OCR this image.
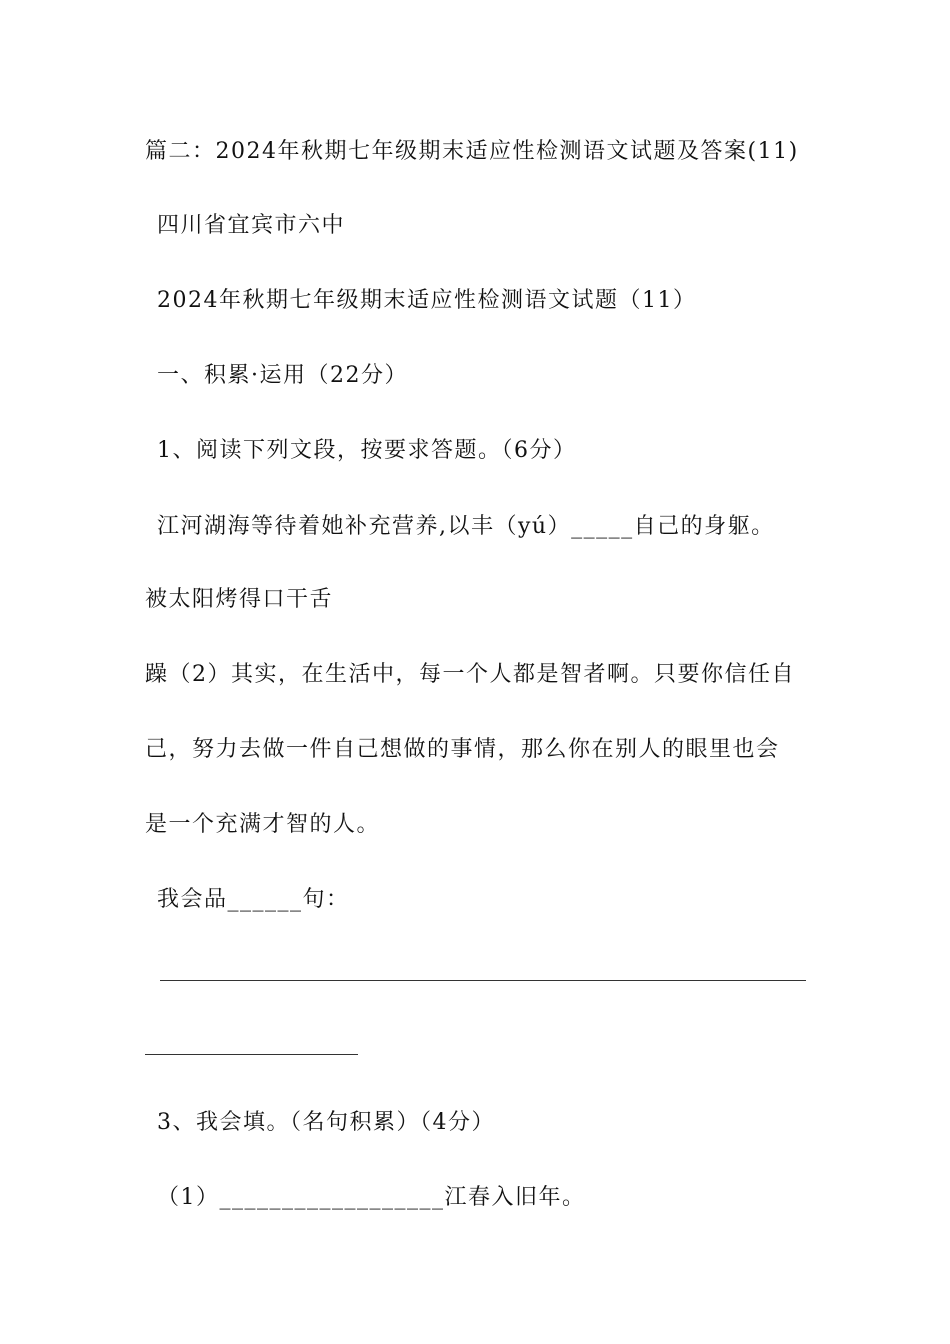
篇二：2024年秋期七年级期末适应性检测语文试题及答案(11)
四川省宜宾市六中
2024年秋期七年级期末适应性检测语文试题（11）
一、积累·运用（22分）
1、阅读下列文段，按要求答题。（6分）
江河湖海等待着她补充营养,以丰（yú）_____自己的身躯。
被太阳烤得口干舌
躁（2）其实，在生活中，每一个人都是智者啊。只要你信任自
己，努力去做一件自己想做的事情，那么你在别人的眼里也会
是一个充满才智的人。
我会品______句：
3、我会填。（名句积累）（4分）
（1）__________________江春入旧年。
